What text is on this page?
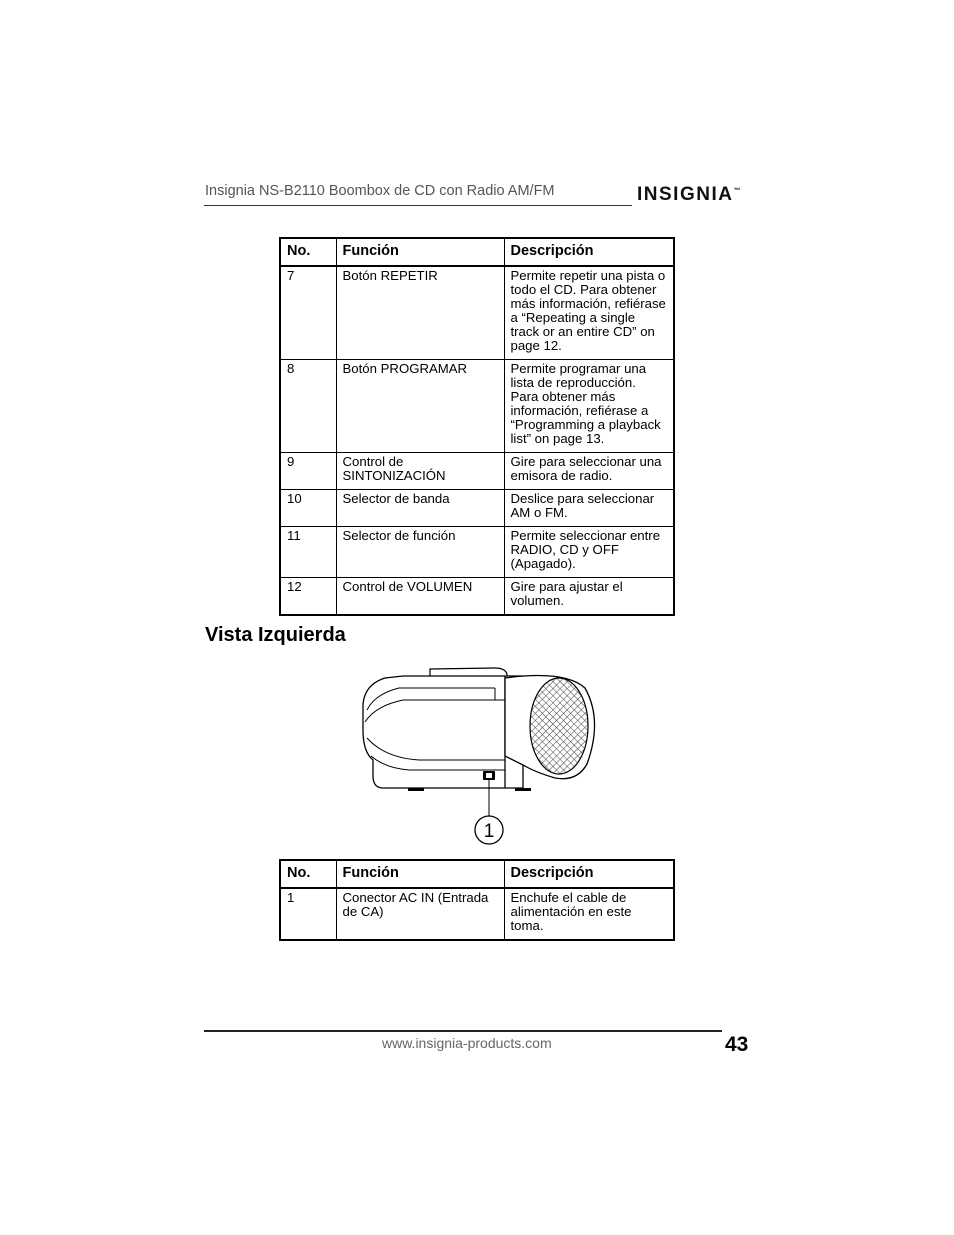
Insignia NS-B2110 Boombox de CD con Radio AM/FM	INSIGNIA™
No.	Función	Descripción
7	Botón REPETIR	Permite repetir una pista o todo el CD. Para obtener más información, refiérase a “Repeating a single track or an entire CD” on page 12.
8	Botón PROGRAMAR	Permite programar una lista de reproducción. Para obtener más información, refiérase a “Programming a playback list” on page 13.
9	Control de SINTONIZACIÓN	Gire para seleccionar una emisora de radio.
10	Selector de banda	Deslice para seleccionar AM o FM.
11	Selector de función	Permite seleccionar entre RADIO, CD y OFF (Apagado).
12	Control de VOLUMEN	Gire para ajustar el volumen.
Vista Izquierda
1
No.	Función	Descripción
1	Conector AC IN (Entrada de CA)	Enchufe el cable de alimentación en este toma.
www.insignia-products.com	43
